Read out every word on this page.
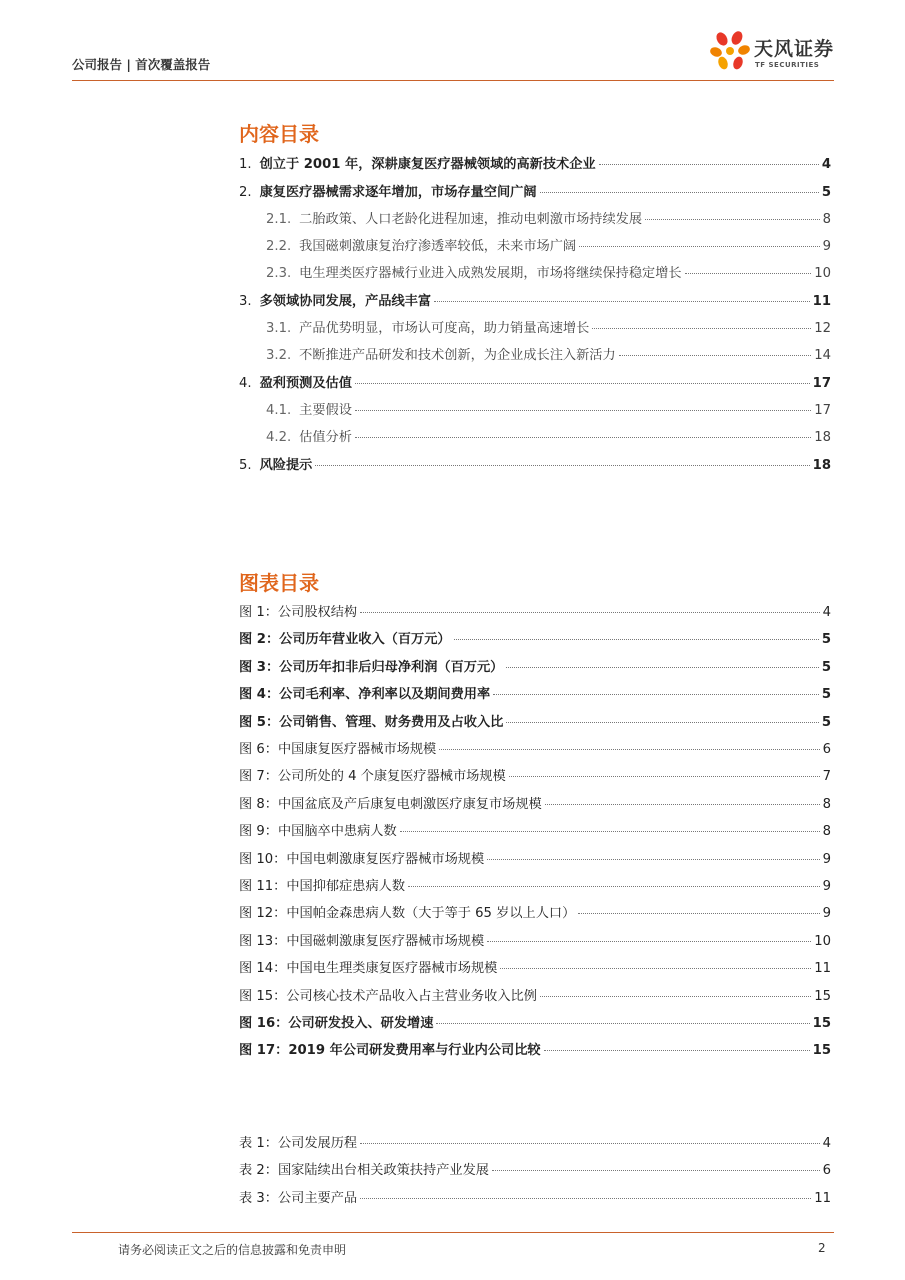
公司报告 | 首次覆盖报告
天风证券
TF SECURITIES
内容目录
1. 创立于 2001 年，深耕康复医疗器械领域的高新技术企业	4
2. 康复医疗器械需求逐年增加，市场存量空间广阔	5
2.1. 二胎政策、人口老龄化进程加速，推动电刺激市场持续发展	8
2.2. 我国磁刺激康复治疗渗透率较低，未来市场广阔	9
2.3. 电生理类医疗器械行业进入成熟发展期，市场将继续保持稳定增长	10
3. 多领域协同发展，产品线丰富	11
3.1. 产品优势明显，市场认可度高，助力销量高速增长	12
3.2. 不断推进产品研发和技术创新，为企业成长注入新活力	14
4. 盈利预测及估值	17
4.1. 主要假设	17
4.2. 估值分析	18
5. 风险提示	18
图表目录
图 1：公司股权结构	4
图 2：公司历年营业收入（百万元）	5
图 3：公司历年扣非后归母净利润（百万元）	5
图 4：公司毛利率、净利率以及期间费用率	5
图 5：公司销售、管理、财务费用及占收入比	5
图 6：中国康复医疗器械市场规模	6
图 7：公司所处的 4 个康复医疗器械市场规模	7
图 8：中国盆底及产后康复电刺激医疗康复市场规模	8
图 9：中国脑卒中患病人数	8
图 10：中国电刺激康复医疗器械市场规模	9
图 11：中国抑郁症患病人数	9
图 12：中国帕金森患病人数（大于等于 65 岁以上人口）	9
图 13：中国磁刺激康复医疗器械市场规模	10
图 14：中国电生理类康复医疗器械市场规模	11
图 15：公司核心技术产品收入占主营业务收入比例	15
图 16：公司研发投入、研发增速	15
图 17：2019 年公司研发费用率与行业内公司比较	15
表 1：公司发展历程	4
表 2：国家陆续出台相关政策扶持产业发展	6
表 3：公司主要产品	11
请务必阅读正文之后的信息披露和免责申明	2
